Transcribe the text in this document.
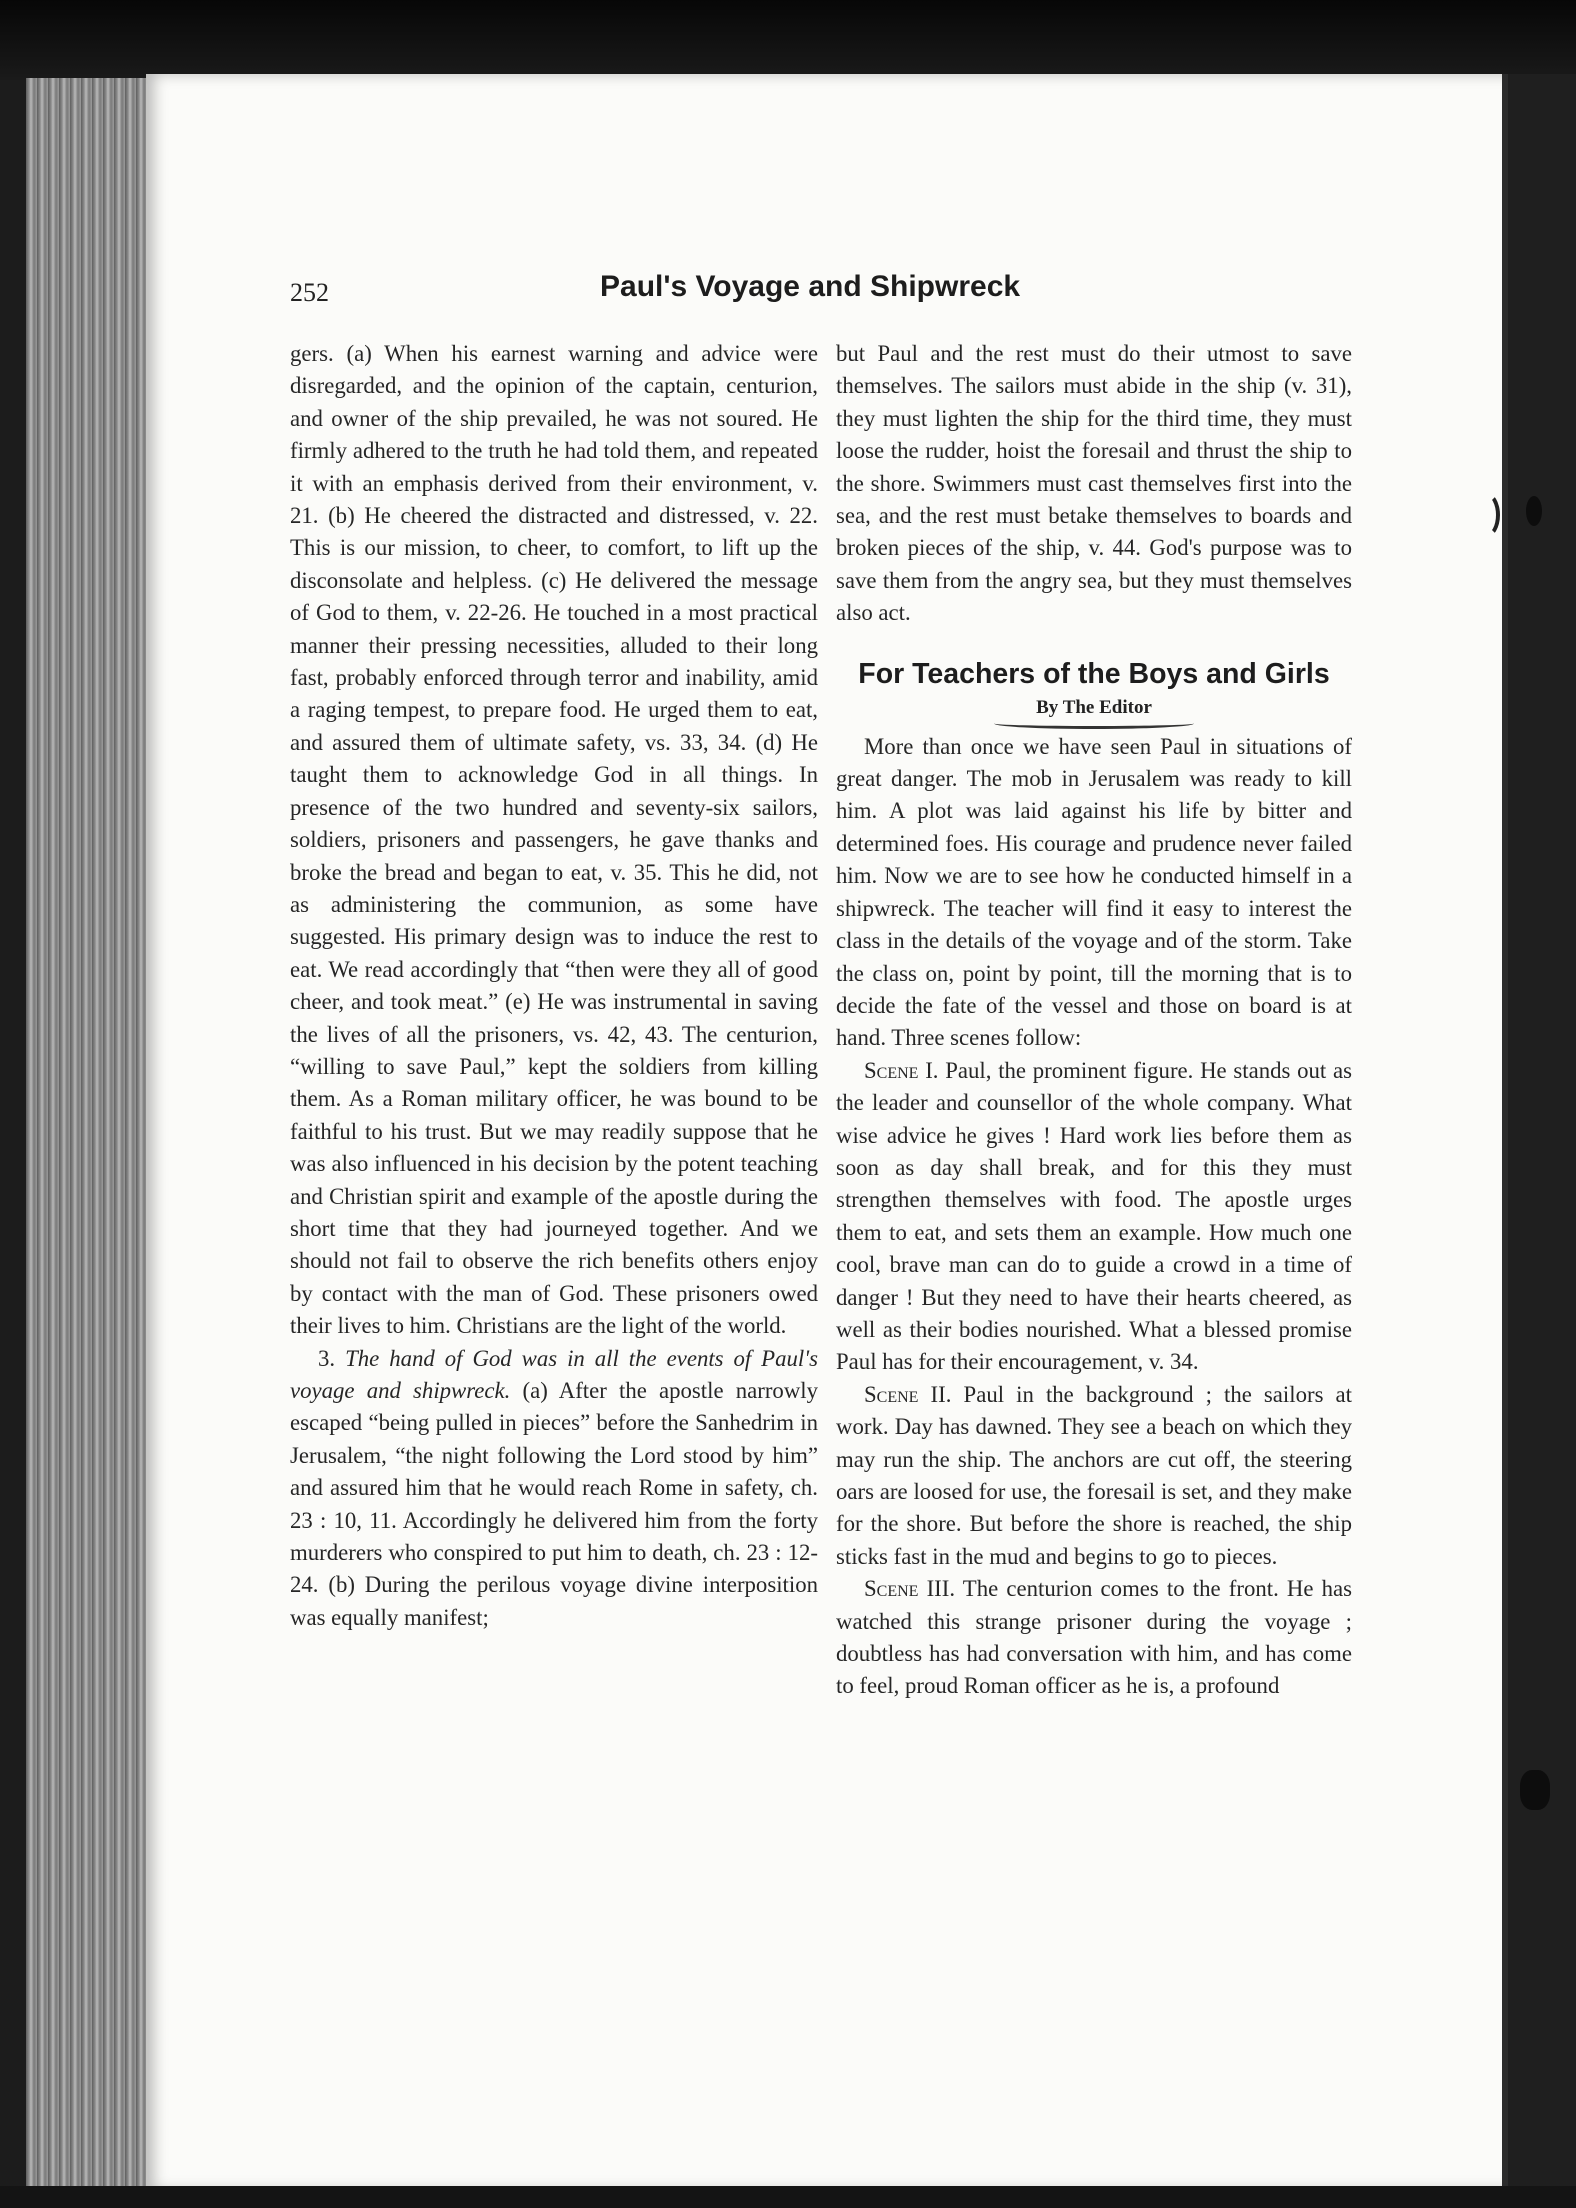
252	Paul's Voyage and Shipwreck

gers. (a) When his earnest warning and advice were disregarded, and the opinion of the captain, centurion, and owner of the ship prevailed, he was not soured. He firmly adhered to the truth he had told them, and repeated it with an emphasis derived from their environment, v. 21. (b) He cheered the distracted and distressed, v. 22. This is our mission, to cheer, to comfort, to lift up the disconsolate and helpless. (c) He delivered the message of God to them, v. 22-26. He touched in a most practical manner their pressing necessities, alluded to their long fast, probably enforced through terror and inability, amid a raging tempest, to prepare food. He urged them to eat, and assured them of ultimate safety, vs. 33, 34. (d) He taught them to acknowledge God in all things. In presence of the two hundred and seventy-six sailors, soldiers, prisoners and passengers, he gave thanks and broke the bread and began to eat, v. 35. This he did, not as administering the communion, as some have suggested. His primary design was to induce the rest to eat. We read accordingly that “then were they all of good cheer, and took meat.” (e) He was instrumental in saving the lives of all the prisoners, vs. 42, 43. The centurion, “willing to save Paul,” kept the soldiers from killing them. As a Roman military officer, he was bound to be faithful to his trust. But we may readily suppose that he was also influenced in his decision by the potent teaching and Christian spirit and example of the apostle during the short time that they had journeyed together. And we should not fail to observe the rich benefits others enjoy by contact with the man of God. These prisoners owed their lives to him. Christians are the light of the world.

3. The hand of God was in all the events of Paul's voyage and shipwreck. (a) After the apostle narrowly escaped “being pulled in pieces” before the Sanhedrim in Jerusalem, “the night following the Lord stood by him” and assured him that he would reach Rome in safety, ch. 23 : 10, 11. Accordingly he delivered him from the forty murderers who conspired to put him to death, ch. 23 : 12-24. (b) During the perilous voyage divine interposition was equally manifest;

but Paul and the rest must do their utmost to save themselves. The sailors must abide in the ship (v. 31), they must lighten the ship for the third time, they must loose the rudder, hoist the foresail and thrust the ship to the shore. Swimmers must cast themselves first into the sea, and the rest must betake themselves to boards and broken pieces of the ship, v. 44. God's purpose was to save them from the angry sea, but they must themselves also act.

For Teachers of the Boys and Girls
By The Editor

More than once we have seen Paul in situations of great danger. The mob in Jerusalem was ready to kill him. A plot was laid against his life by bitter and determined foes. His courage and prudence never failed him. Now we are to see how he conducted himself in a shipwreck. The teacher will find it easy to interest the class in the details of the voyage and of the storm. Take the class on, point by point, till the morning that is to decide the fate of the vessel and those on board is at hand. Three scenes follow:

Scene I. Paul, the prominent figure. He stands out as the leader and counsellor of the whole company. What wise advice he gives ! Hard work lies before them as soon as day shall break, and for this they must strengthen themselves with food. The apostle urges them to eat, and sets them an example. How much one cool, brave man can do to guide a crowd in a time of danger ! But they need to have their hearts cheered, as well as their bodies nourished. What a blessed promise Paul has for their encouragement, v. 34.

Scene II. Paul in the background ; the sailors at work. Day has dawned. They see a beach on which they may run the ship. The anchors are cut off, the steering oars are loosed for use, the foresail is set, and they make for the shore. But before the shore is reached, the ship sticks fast in the mud and begins to go to pieces.

Scene III. The centurion comes to the front. He has watched this strange prisoner during the voyage ; doubtless has had conversation with him, and has come to feel, proud Roman officer as he is, a profound
